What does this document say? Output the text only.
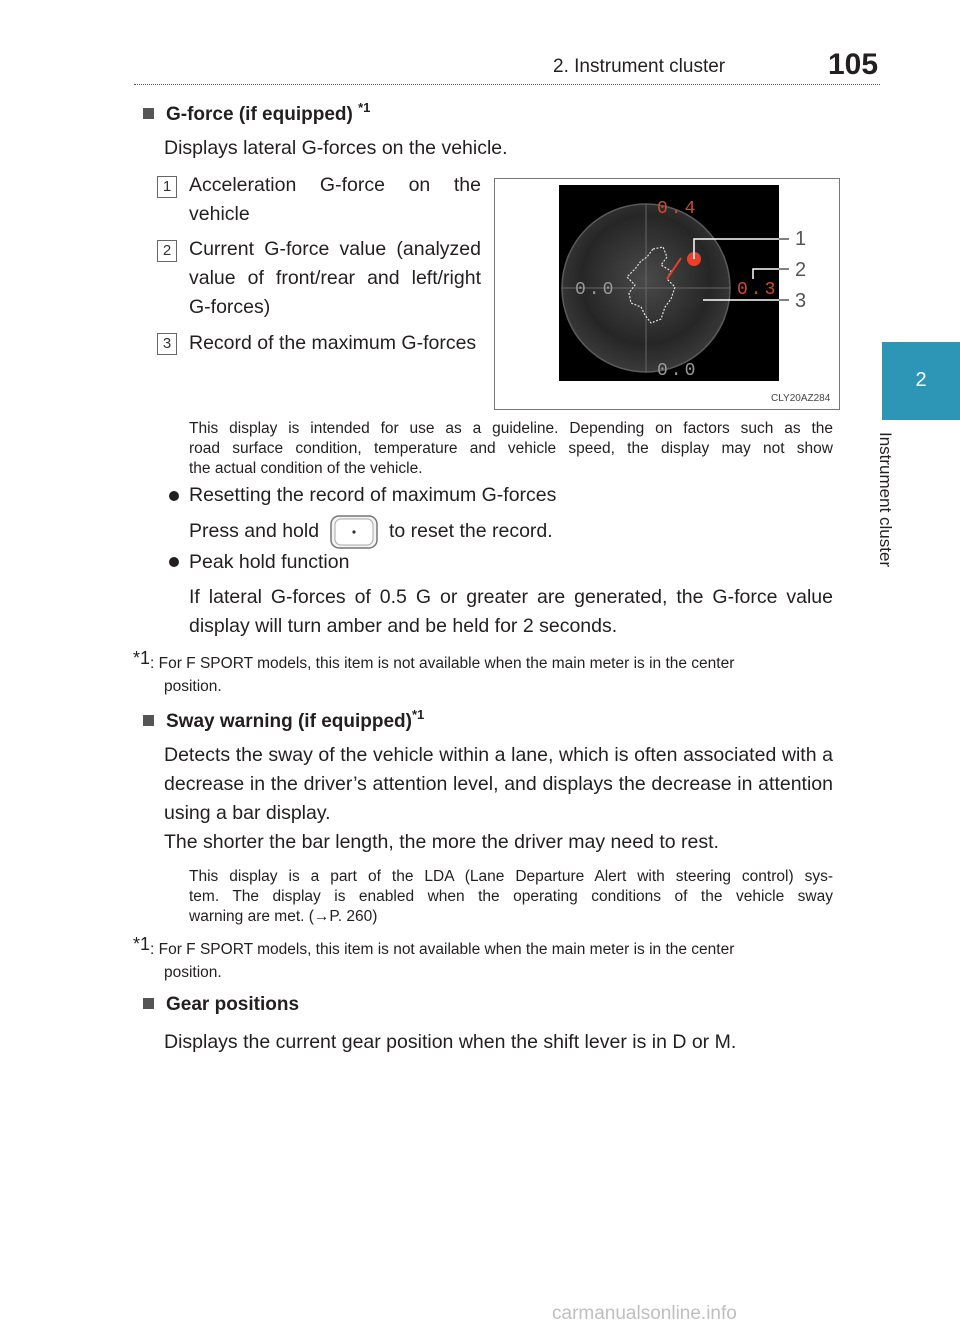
2. Instrument cluster	105
2
Instrument cluster
G-force (if equipped) $^{*1}$
Displays lateral G-forces on the vehicle.
1 Acceleration G-force on the
vehicle
2 Current G-force value (analyzed
value of front/rear and left/right
G-forces)
3 Record of the maximum G-forces
0.4
0.0
0.0
0.3
1
2
3
CLY20AZ284
This display is intended for use as a guideline. Depending on factors such as the
road surface condition, temperature and vehicle speed, the display may not show
the actual condition of the vehicle.
Resetting the record of maximum G-forces
Press and hold	to reset the record.
Peak hold function
If lateral G-forces of 0.5 G or greater are generated, the G-force value
display will turn amber and be held for 2 seconds.
*1: For F SPORT models, this item is not available when the main meter is in the center
position.
Sway warning (if equipped)$^{*1}$
Detects the sway of the vehicle within a lane, which is often associated with a
decrease in the driver’s attention level, and displays the decrease in attention
using a bar display.
The shorter the bar length, the more the driver may need to rest.
This display is a part of the LDA (Lane Departure Alert with steering control) sys-
tem. The display is enabled when the operating conditions of the vehicle sway
warning are met. (→P. 260)
*1: For F SPORT models, this item is not available when the main meter is in the center
position.
Gear positions
Displays the current gear position when the shift lever is in D or M.
carmanualsonline.info
